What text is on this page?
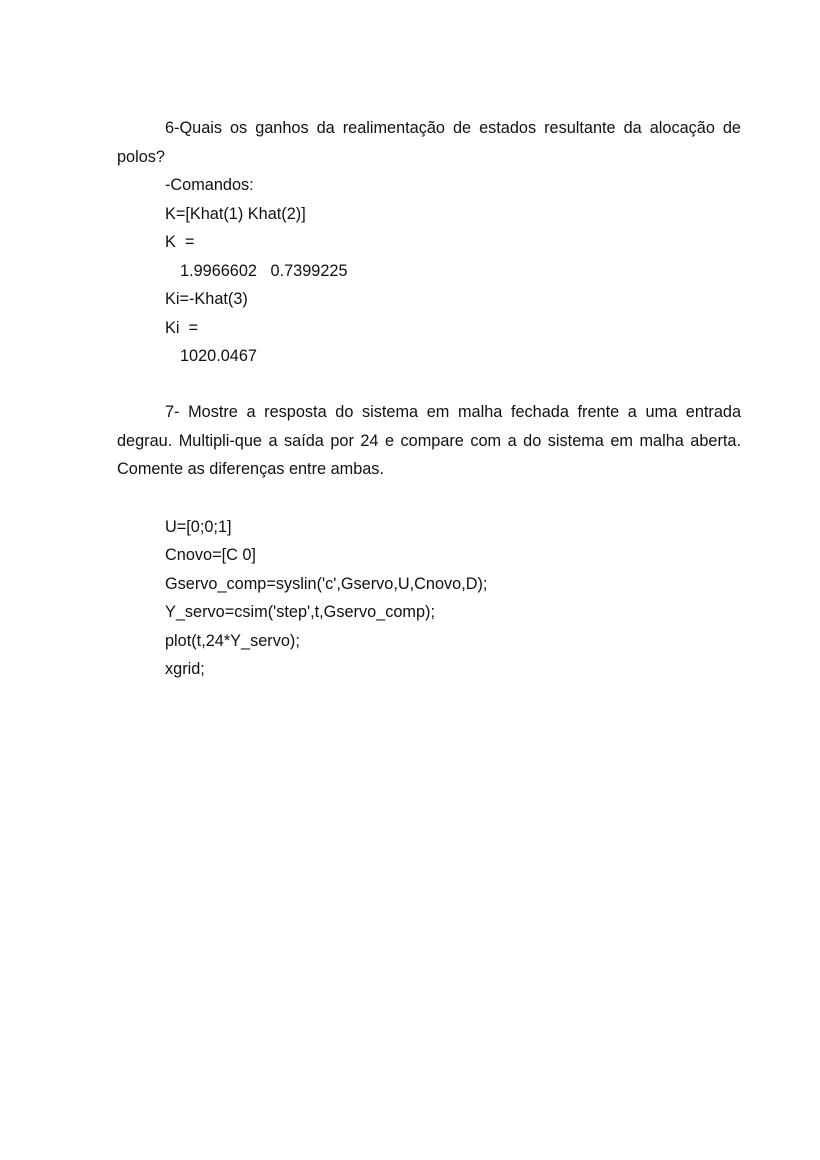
6-Quais os ganhos da realimentação de estados resultante da alocação de polos?

-Comandos:

K=[Khat(1) Khat(2)]

K  =

1.9966602   0.7399225

Ki=-Khat(3)

Ki  =

1020.0467

7- Mostre a resposta do sistema em malha fechada frente a uma entrada degrau. Multipli-que a saída por 24 e compare com a do sistema em malha aberta. Comente as diferenças entre ambas.

U=[0;0;1]

Cnovo=[C 0]

Gservo_comp=syslin('c',Gservo,U,Cnovo,D);

Y_servo=csim('step',t,Gservo_comp);

plot(t,24*Y_servo);

xgrid;
